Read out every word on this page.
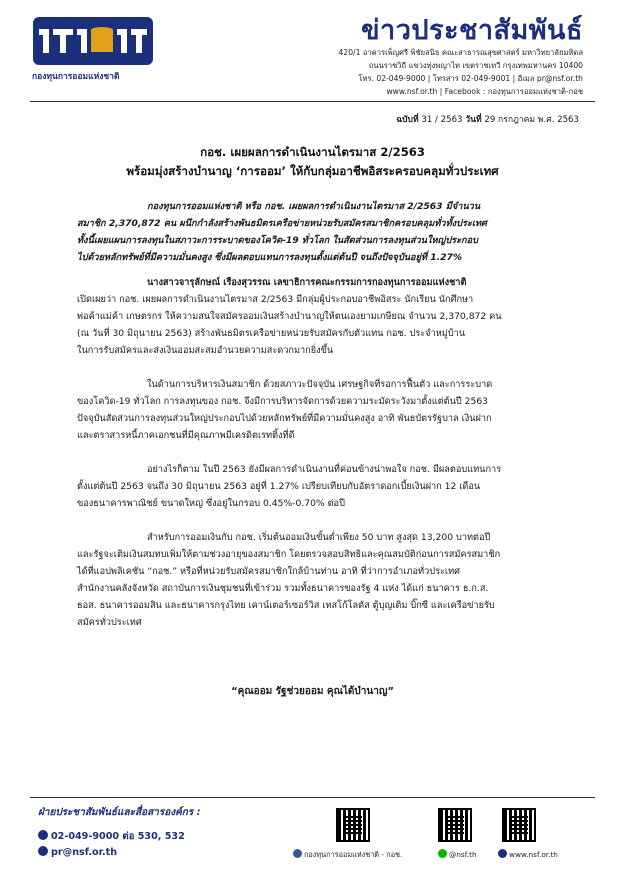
กองทุนการออมแห่งชาติ
ข่าวประชาสัมพันธ์
420/1 อาคารเพ็ญศรี พิชัยสนิธ คณะสาธารณสุขศาสตร์ มหาวิทยาลัยมหิดล
ถนนราชวิถี แขวงทุ่งพญาไท เขตราชเทวี กรุงเทพมหานคร 10400
โทร. 02-049-9000 | โทรสาร 02-049-9001 | อีเมล pr@nsf.or.th
www.nsf.or.th | Facebook : กองทุนการออมแห่งชาติ-กอช
ฉบับที่ 31 / 2563 วันที่ 29 กรกฎาคม พ.ศ. 2563
กอช. เผยผลการดำเนินงานไตรมาส 2/2563
พร้อมมุ่งสร้างบำนาญ ‘การออม’ ให้กับกลุ่มอาชีพอิสระครอบคลุมทั่วประเทศ
กองทุนการออมแห่งชาติ หรือ กอช. เผยผลการดำเนินงานไตรมาส 2/2563 มีจำนวน
สมาชิก 2,370,872 คน ผนึกกำลังสร้างพันธมิตรเครือข่ายหน่วยรับสมัครสมาชิกครอบคลุมทั่วทั้งประเทศ
ทั้งนี้เผยแผนการลงทุนในสภาวะการระบาดของโควิด-19 ทั่วโลก ในสัดส่วนการลงทุนส่วนใหญ่ประกอบ
ไปด้วยหลักทรัพย์ที่มีความมั่นคงสูง ซึ่งมีผลตอบแทนการลงทุนตั้งแต่ต้นปี จนถึงปัจจุบันอยู่ที่ 1.27%
นางสาวจารุลักษณ์ เรืองสุวรรณ เลขาธิการคณะกรรมการกองทุนการออมแห่งชาติ
เปิดเผยว่า กอช. เผยผลการดำเนินงานไตรมาส 2/2563 มีกลุ่มผู้ประกอบอาชีพอิสระ นักเรียน นักศึกษา
พ่อค้าแม่ค้า เกษตรกร ให้ความสนใจสมัครออมเงินสร้างบำนาญให้ตนเองยามเกษียณ จำนวน 2,370,872 คน
(ณ วันที่ 30 มิถุนายน 2563) สร้างพันธมิตรเครือข่ายหน่วยรับสมัครกับตัวแทน กอช. ประจำหมู่บ้าน
ในการรับสมัครและส่งเงินออมสะสมอำนวยความสะดวกมากยิ่งขึ้น
ในด้านการบริหารเงินสมาชิก ด้วยสภาวะปัจจุบัน เศรษฐกิจที่รอการฟื้นตัว และการระบาด
ของโควิด-19 ทั่วโลก การลงทุนของ กอช. จึงมีการบริหารจัดการด้วยความระมัดระวังมาตั้งแต่ต้นปี 2563
ปัจจุบันสัดส่วนการลงทุนส่วนใหญ่ประกอบไปด้วยหลักทรัพย์ที่มีความมั่นคงสูง อาทิ พันธบัตรรัฐบาล เงินฝาก
และตราสารหนี้ภาคเอกชนที่มีคุณภาพมีเครดิตเรทติ้งที่ดี
อย่างไรก็ตาม ในปี 2563 ยังมีผลการดำเนินงานที่ค่อนข้างน่าพอใจ กอช. มีผลตอบแทนการ
ตั้งแต่ต้นปี 2563 จนถึง 30 มิถุนายน 2563 อยู่ที่ 1.27% เปรียบเทียบกับอัตราดอกเบี้ยเงินฝาก 12 เดือน
ของธนาคารพาณิชย์ ขนาดใหญ่ ซึ่งอยู่ในกรอบ 0.45%-0.70% ต่อปี
สำหรับการออมเงินกับ กอช. เริ่มต้นออมเงินขั้นต่ำเพียง 50 บาท สูงสุด 13,200 บาทต่อปี
และรัฐจะเติมเงินสมทบเพิ่มให้ตามช่วงอายุของสมาชิก โดยตรวจสอบสิทธิและคุณสมบัติก่อนการสมัครสมาชิก
ได้ที่แอปพลิเคชัน “กอช.” หรือที่หน่วยรับสมัครสมาชิกใกล้บ้านท่าน อาทิ ที่ว่าการอำเภอทั่วประเทศ
สำนักงานคลังจังหวัด สถาบันการเงินชุมชนที่เข้าร่วม รวมทั้งธนาคารของรัฐ 4 แห่ง ได้แก่ ธนาคาร ธ.ก.ส.
ธอส. ธนาคารออมสิน และธนาคารกรุงไทย เคาน์เตอร์เซอร์วิส เทสโก้โลตัส ตู้บุญเติม บิ๊กซี และเครือข่ายรับ
สมัครทั่วประเทศ
“คุณออม รัฐช่วยออม คุณได้บำนาญ”
ฝ่ายประชาสัมพันธ์และสื่อสารองค์กร :
02-049-9000 ต่อ 530, 532
pr@nsf.or.th	กองทุนการออมแห่งชาติ - กอช.	@nsf.th	www.nsf.or.th
